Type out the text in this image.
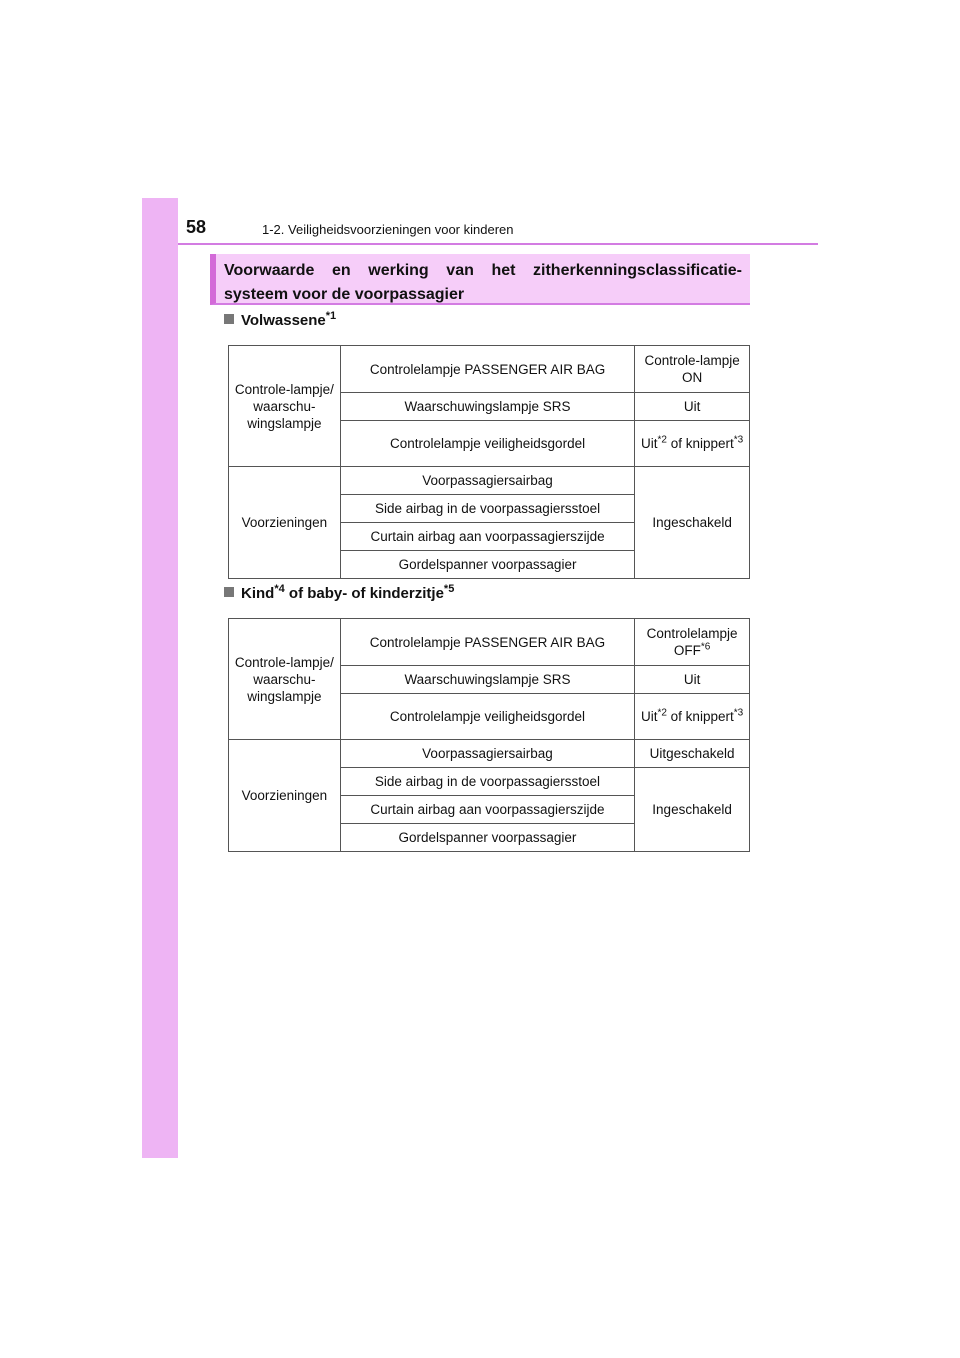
58	1-2. Veiligheidsvoorzieningen voor kinderen
Voorwaarde en werking van het zitherkenningsclassificatie-
systeem voor de voorpassagier
Volwassene$^{*1}$
Controle-lampje/ waarschu-wingslampje	Controlelampje PASSENGER AIR BAG	Controle-lampje ON
	Waarschuwingslampje SRS	Uit
	Controlelampje veiligheidsgordel	Uit$^{*2}$ of knippert$^{*3}$
Voorzieningen	Voorpassagiersairbag	Ingeschakeld
	Side airbag in de voorpassagiersstoel	
	Curtain airbag aan voorpassagierszijde	
	Gordelspanner voorpassagier	
Kind$^{*4}$ of baby- of kinderzitje$^{*5}$
Controle-lampje/ waarschu-wingslampje	Controlelampje PASSENGER AIR BAG	Controlelampje OFF$^{*6}$
	Waarschuwingslampje SRS	Uit
	Controlelampje veiligheidsgordel	Uit$^{*2}$ of knippert$^{*3}$
Voorzieningen	Voorpassagiersairbag	Uitgeschakeld
	Side airbag in de voorpassagiersstoel	Ingeschakeld
	Curtain airbag aan voorpassagierszijde	
	Gordelspanner voorpassagier	
